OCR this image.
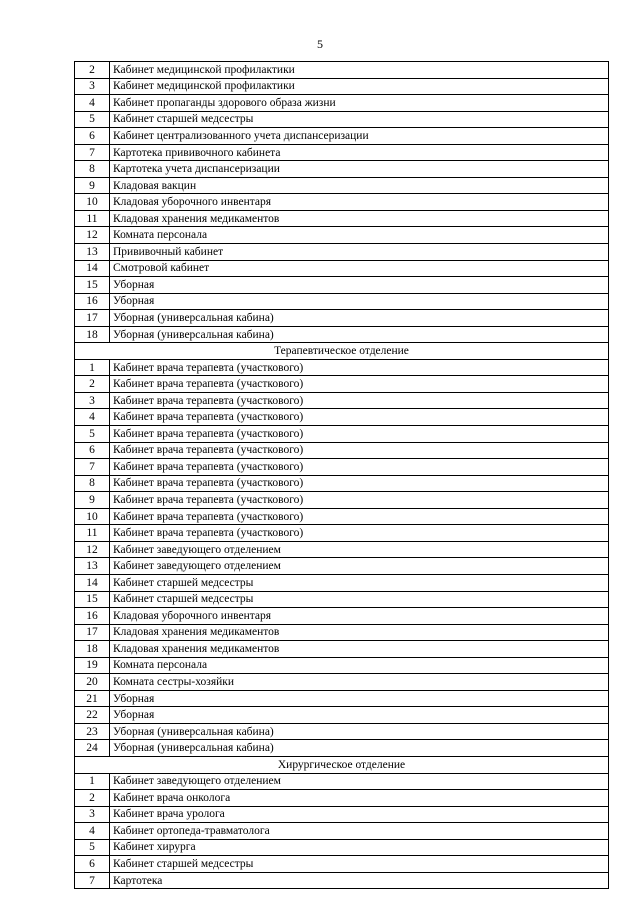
5
2	Кабинет медицинской профилактики
3	Кабинет медицинской профилактики
4	Кабинет пропаганды здорового образа жизни
5	Кабинет старшей медсестры
6	Кабинет централизованного учета диспансеризации
7	Картотека прививочного кабинета
8	Картотека учета диспансеризации
9	Кладовая вакцин
10	Кладовая уборочного инвентаря
11	Кладовая хранения медикаментов
12	Комната персонала
13	Прививочный кабинет
14	Смотровой кабинет
15	Уборная
16	Уборная
17	Уборная (универсальная кабина)
18	Уборная (универсальная кабина)
Терапевтическое отделение	
1	Кабинет врача терапевта (участкового)
2	Кабинет врача терапевта (участкового)
3	Кабинет врача терапевта (участкового)
4	Кабинет врача терапевта (участкового)
5	Кабинет врача терапевта (участкового)
6	Кабинет врача терапевта (участкового)
7	Кабинет врача терапевта (участкового)
8	Кабинет врача терапевта (участкового)
9	Кабинет врача терапевта (участкового)
10	Кабинет врача терапевта (участкового)
11	Кабинет врача терапевта (участкового)
12	Кабинет заведующего отделением
13	Кабинет заведующего отделением
14	Кабинет старшей медсестры
15	Кабинет старшей медсестры
16	Кладовая уборочного инвентаря
17	Кладовая хранения медикаментов
18	Кладовая хранения медикаментов
19	Комната персонала
20	Комната сестры-хозяйки
21	Уборная
22	Уборная
23	Уборная (универсальная кабина)
24	Уборная (универсальная кабина)
Хирургическое отделение	
1	Кабинет заведующего отделением
2	Кабинет врача онколога
3	Кабинет врача уролога
4	Кабинет ортопеда-травматолога
5	Кабинет хирурга
6	Кабинет старшей медсестры
7	Картотека
